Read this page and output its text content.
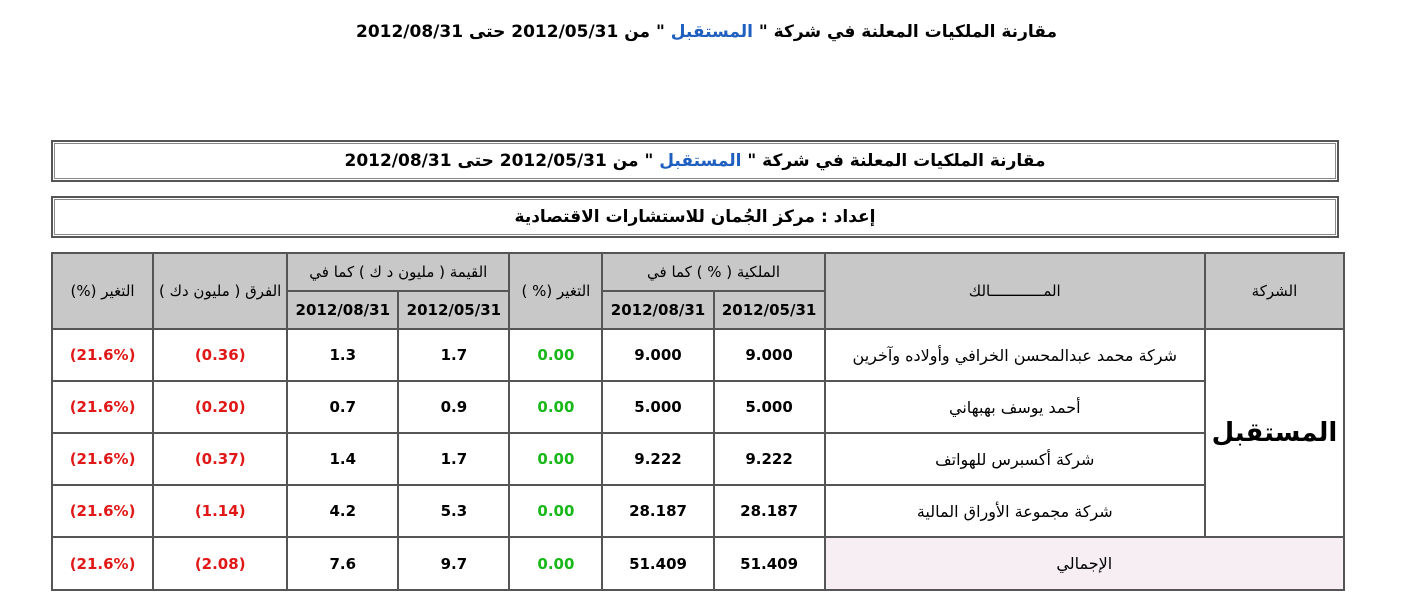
مقارنة الملكيات المعلنة في شركة " المستقبل " من 2012/05/31 حتى 2012/08/31
مقارنة الملكيات المعلنة في شركة " المستقبل " من 2012/05/31 حتى 2012/08/31
إعداد : مركز الجُمان للاستشارات الاقتصادية
الشركة	المــــــــــــالك	الملكية ( % ) كما في		التغير (% )	القيمة ( مليون د ك ) كما في		الفرق ( مليون دك )	التغير (%)
		2012/05/31	2012/08/31		2012/05/31	2012/08/31		
المستقبل	شركة محمد عبدالمحسن الخرافي وأولاده وآخرين	9.000	9.000	0.00	1.7	1.3	(0.36)	(21.6%)
	أحمد يوسف بهبهاني	5.000	5.000	0.00	0.9	0.7	(0.20)	(21.6%)
	شركة أكسبرس للهواتف	9.222	9.222	0.00	1.7	1.4	(0.37)	(21.6%)
	شركة مجموعة الأوراق المالية	28.187	28.187	0.00	5.3	4.2	(1.14)	(21.6%)
الإجمالي		51.409	51.409	0.00	9.7	7.6	(2.08)	(21.6%)
